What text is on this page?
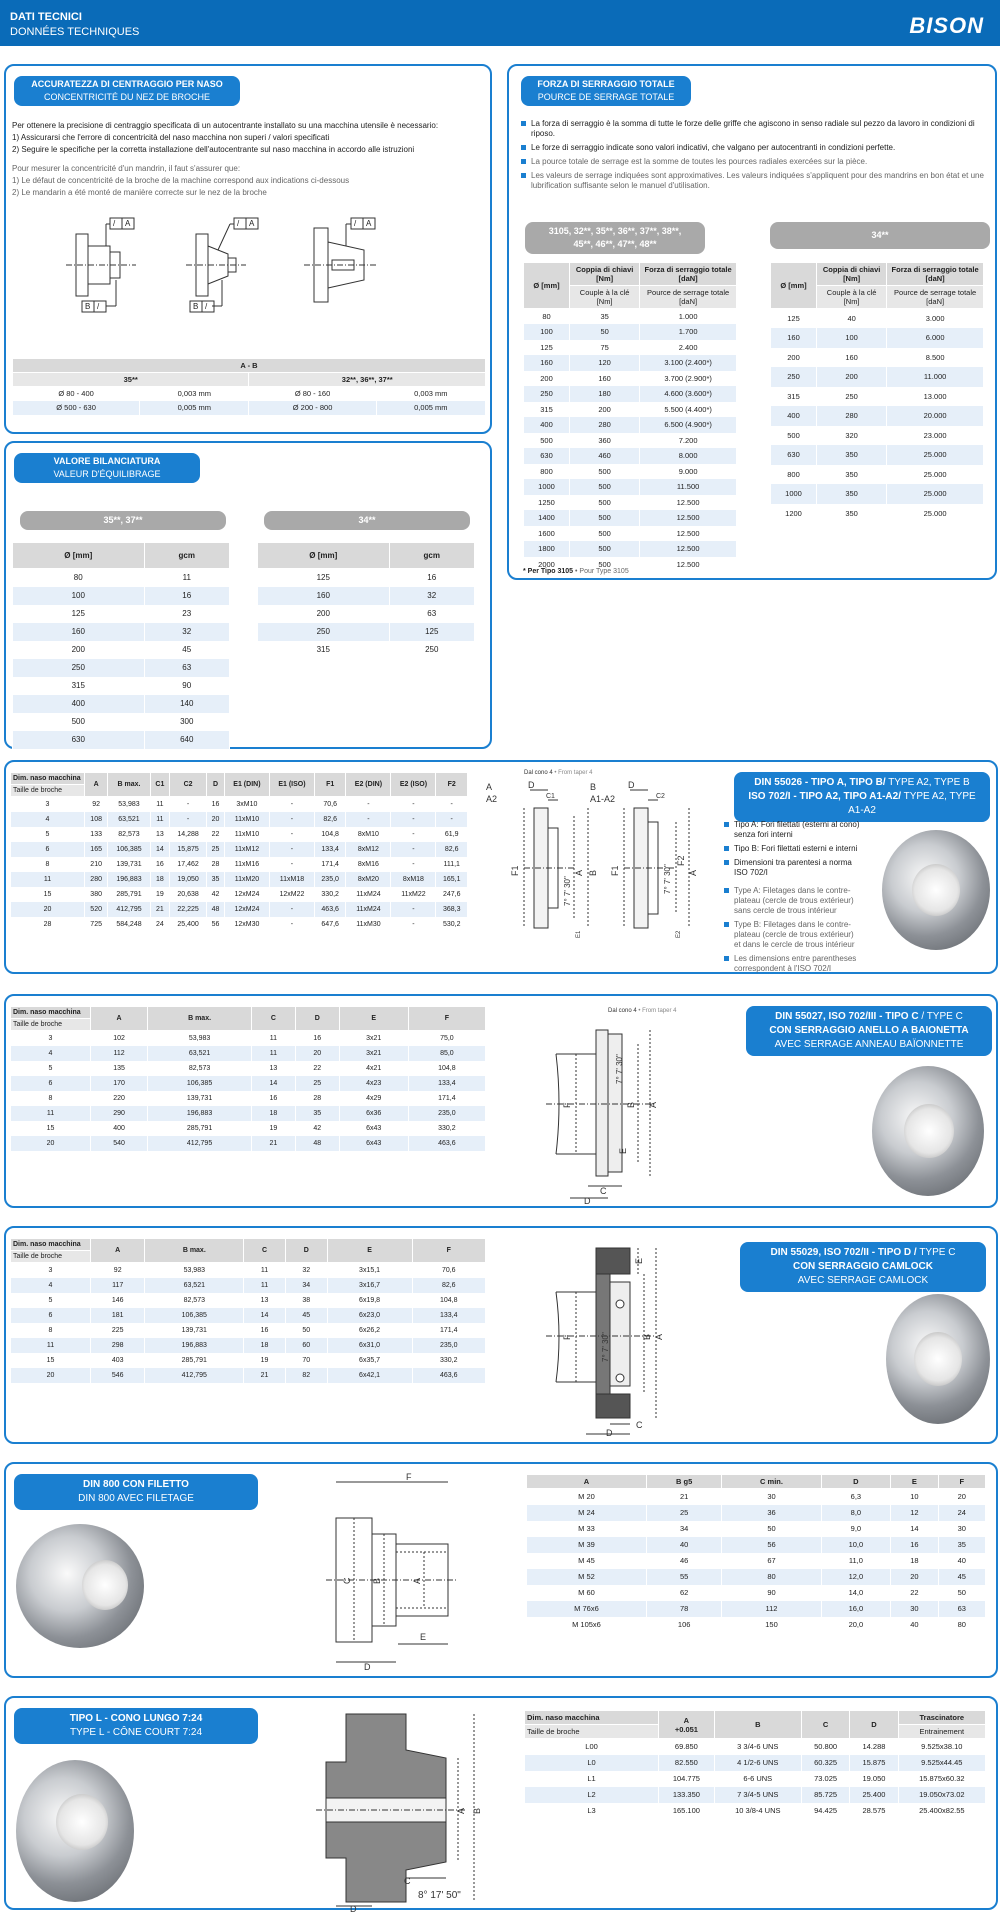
DATI TECNICI
DONNÉES TECHNIQUES	BISON
ACCURATEZZA DI CENTRAGGIO PER NASO
CONCENTRICITÉ DU NEZ DE BROCHE
Per ottenere la precisione di centraggio specificata di un autocentrante installato su una macchina utensile è necessario:
1) Assicurarsi che l'errore di concentricità del naso macchina non superi / valori specificati
2) Seguire le specifiche per la corretta installazione dell'autocentrante sul naso macchina in accordo alle istruzioni
Pour mesurer la concentricité d'un mandrin, il faut s'assurer que:
1) Le défaut de concentricité de la broche de la machine correspond aux indications ci-dessous
2) Le mandarin a été monté de manière correcte sur le nez de la broche
/ A
/
B
/ A
/
B
/ A
A - B			
35**		32**, 36**, 37**	
Ø 80 - 400	0,003 mm	Ø 80 - 160	0,003 mm
Ø 500 - 630	0,005 mm	Ø 200 - 800	0,005 mm
VALORE BILANCIATURA
VALEUR D'ÉQUILIBRAGE
35**, 37**	34**
Ø [mm]	gcm
80	11
100	16
125	23
160	32
200	45
250	63
315	90
400	140
500	300
630	640
Ø [mm]	gcm
125	16
160	32
200	63
250	125
315	250
FORZA DI SERRAGGIO TOTALE
POURCE DE SERRAGE TOTALE
La forza di serraggio è la somma di tutte le forze delle griffe che agiscono in senso radiale sul pezzo da lavoro in condizioni di riposo.
Le forze di serraggio indicate sono valori indicativi, che valgano per autocentranti in condizioni perfette.
La pource totale de serrage est la somme de toutes les pources radiales exercées sur la pièce.
Les valeurs de serrage indiquées sont approximatives. Les valeurs indiquées s'appliquent pour des mandrins en bon état et une lubrification suffisante selon le manuel d'utilisation.
3105, 32**, 35**, 36**, 37**, 38**,
45**, 46**, 47**, 48**
34**
Ø [mm]	Coppia di chiavi [Nm]	Forza di serraggio totale [daN]
	Couple à la clé [Nm]	Pource de serrage totale [daN]
80	35	1.000
100	50	1.700
125	75	2.400
160	120	3.100 (2.400*)
200	160	3.700 (2.900*)
250	180	4.600 (3.600*)
315	200	5.500 (4.400*)
400	280	6.500 (4.900*)
500	360	7.200
630	460	8.000
800	500	9.000
1000	500	11.500
1250	500	12.500
1400	500	12.500
1600	500	12.500
1800	500	12.500
2000	500	12.500
* Per Tipo 3105 • Pour Type 3105
Ø [mm]	Coppia di chiavi [Nm]	Forza di serraggio totale [daN]
	Couple à la clé [Nm]	Pource de serrage totale [daN]
125	40	3.000
160	100	6.000
200	160	8.500
250	200	11.000
315	250	13.000
400	280	20.000
500	320	23.000
630	350	25.000
800	350	25.000
1000	350	25.000
1200	350	25.000
Dim. naso macchina	A	B max.	C1	C2	D	E1 (DIN)	E1 (ISO)	F1	E2 (DIN)	E2 (ISO)	F2
Taille de broche											
3	92	53,983	11	-	16	3xM10	-	70,6	-	-	-
4	108	63,521	11	-	20	11xM10	-	82,6	-	-	-
5	133	82,573	13	14,288	22	11xM10	-	104,8	8xM10	-	61,9
6	165	106,385	14	15,875	25	11xM12	-	133,4	8xM12	-	82,6
8	210	139,731	16	17,462	28	11xM16	-	171,4	8xM16	-	111,1
11	280	196,883	18	19,050	35	11xM20	11xM18	235,0	8xM20	8xM18	165,1
15	380	285,791	19	20,638	42	12xM24	12xM22	330,2	11xM24	11xM22	247,6
20	520	412,795	21	22,225	48	12xM24	-	463,6	11xM24	-	368,3
28	725	584,248	24	25,400	56	12xM30	-	647,6	11xM30	-	530,2
Dal cono 4 • From taper 4
D	D
C1	C2
A
A2
B
A1-A2
F1	F1
F2
7° 7' 30"	7° 7' 30"
A	A
B
E1	E2
DIN 55026 - TIPO A, TIPO B/ TYPE A2, TYPE B
ISO 702/I - TIPO A2, TIPO A1-A2/ TYPE A2, TYPE A1-A2
Tipo A: Fori filettati (esterni al cono) senza fori interni
Tipo B: Fori filettati esterni e interni
Dimensioni tra parentesi a norma ISO 702/I
Type A: Filetages dans le contre-plateau (cercle de trous extérieur) sans cercle de trous intérieur
Type B: Filetages dans le contre-plateau (cercle de trous extérieur) et dans le cercle de trous intérieur
Les dimensions entre parentheses correspondent à l'ISO 702/I
Dim. naso macchina	A	B max.	C	D	E	F
Taille de broche						
3	102	53,983	11	16	3x21	75,0
4	112	63,521	11	20	3x21	85,0
5	135	82,573	13	22	4x21	104,8
6	170	106,385	14	25	4x23	133,4
8	220	139,731	16	28	4x29	171,4
11	290	196,883	18	35	6x36	235,0
15	400	285,791	19	42	6x43	330,2
20	540	412,795	21	48	6x43	463,6
Dal cono 4 • From taper 4
F	B A
E
7° 7' 30"
C
D
DIN 55027, ISO 702/III - TIPO C / TYPE C
CON SERRAGGIO ANELLO A BAIONETTA
AVEC SERRAGE ANNEAU BAÏONNETTE
Dim. naso macchina	A	B max.	C	D	E	F
Taille de broche						
3	92	53,983	11	32	3x15,1	70,6
4	117	63,521	11	34	3x16,7	82,6
5	146	82,573	13	38	6x19,8	104,8
6	181	106,385	14	45	6x23,0	133,4
8	225	139,731	16	50	6x26,2	171,4
11	298	196,883	18	60	6x31,0	235,0
15	403	285,791	19	70	6x35,7	330,2
20	546	412,795	21	82	6x42,1	463,6
E
F	B A
7° 7' 30"
C
D
DIN 55029, ISO 702/II - TIPO D / TYPE C
CON SERRAGGIO CAMLOCK
AVEC SERRAGE CAMLOCK
DIN 800 CON FILETTO
DIN 800 AVEC FILETAGE
F
C B	A
E
D
A	B g5	C min.	D	E	F
M 20	21	30	6,3	10	20
M 24	25	36	8,0	12	24
M 33	34	50	9,0	14	30
M 39	40	56	10,0	16	35
M 45	46	67	11,0	18	40
M 52	55	80	12,0	20	45
M 60	62	90	14,0	22	50
M 76x6	78	112	16,0	30	63
M 105x6	106	150	20,0	40	80
TIPO L - CONO LUNGO 7:24
TYPE L - CÔNE COURT 7:24
A B
C
D
8° 17' 50"
Dim. naso macchina	A
+0.051	B	C	D	Trascinatore
Taille de broche					Entrainement
L00	69.850	3 3/4-6 UNS	50.800	14.288	9.525x38.10
L0	82.550	4 1/2-6 UNS	60.325	15.875	9.525x44.45
L1	104.775	6-6 UNS	73.025	19.050	15.875x60.32
L2	133.350	7 3/4-5 UNS	85.725	25.400	19.050x73.02
L3	165.100	10 3/8-4 UNS	94.425	28.575	25.400x82.55
